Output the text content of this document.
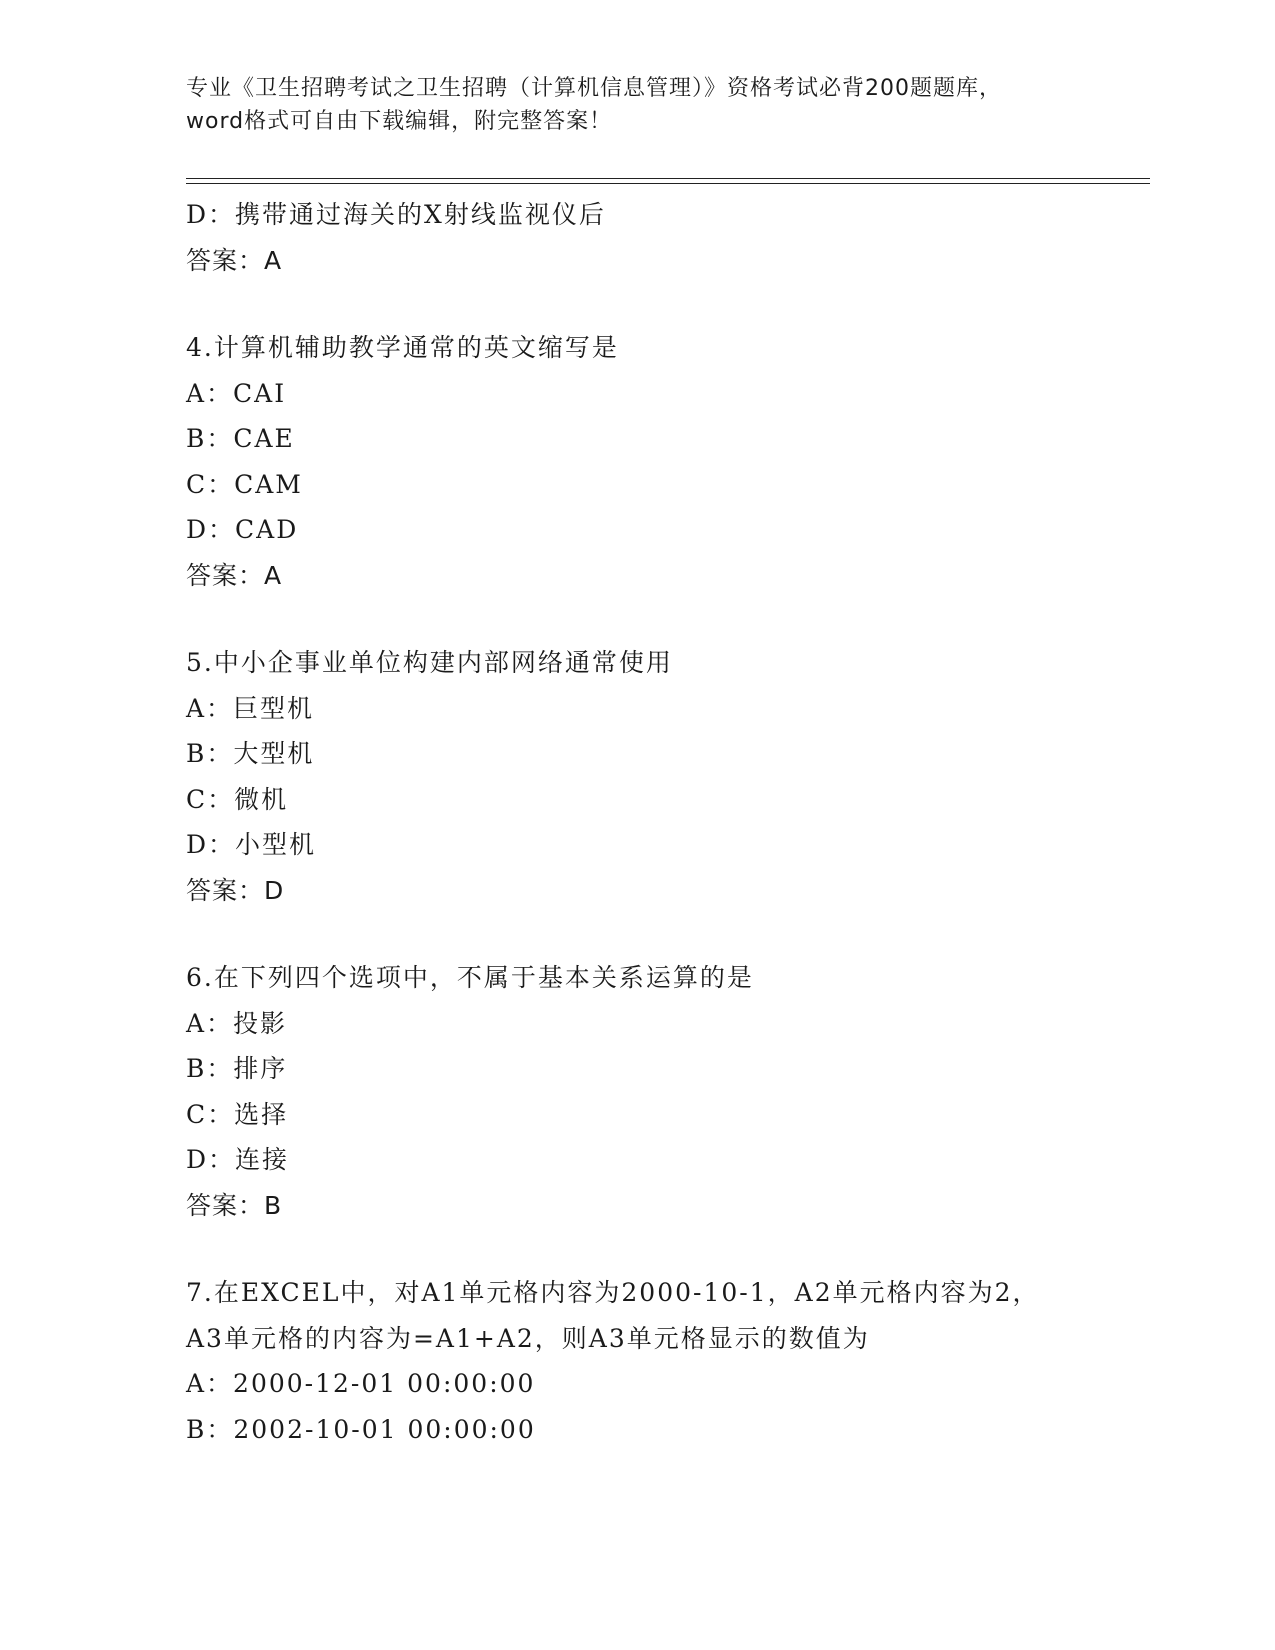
专业《卫生招聘考试之卫生招聘（计算机信息管理）》资格考试必背200题题库，
word格式可自由下载编辑，附完整答案！
D：携带通过海关的X射线监视仪后
答案：A
4.计算机辅助教学通常的英文缩写是
A：CAI
B：CAE
C：CAM
D：CAD
答案：A
5.中小企事业单位构建内部网络通常使用
A：巨型机
B：大型机
C：微机
D：小型机
答案：D
6.在下列四个选项中，不属于基本关系运算的是
A：投影
B：排序
C：选择
D：连接
答案：B
7.在EXCEL中，对A1单元格内容为2000-10-1，A2单元格内容为2，
A3单元格的内容为=A1+A2，则A3单元格显示的数值为
A：2000-12-01 00:00:00
B：2002-10-01 00:00:00
